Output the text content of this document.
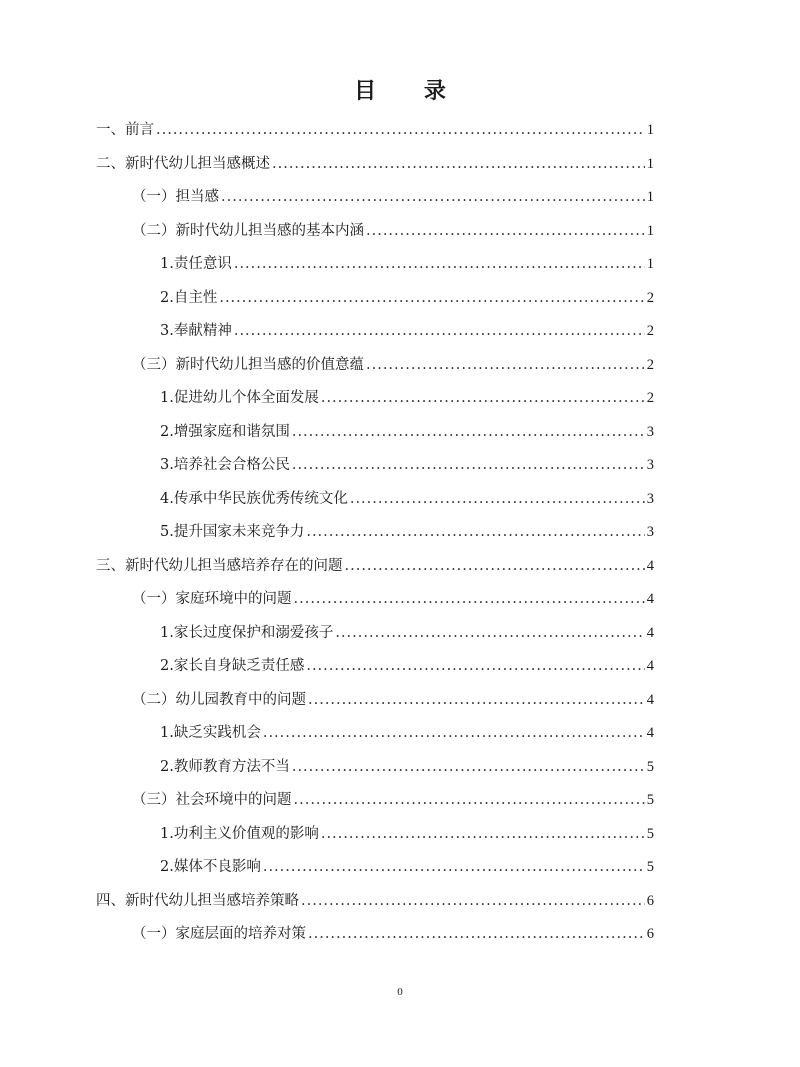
目 录
一、前言 .....	1
二、新时代幼儿担当感概述 .....	1
（一）担当感 .....	1
（二）新时代幼儿担当感的基本内涵 .....	1
1.责任意识 .....	1
2.自主性 .....	2
3.奉献精神 .....	2
（三）新时代幼儿担当感的价值意蕴 .....	2
1.促进幼儿个体全面发展 .....	2
2.增强家庭和谐氛围 .....	3
3.培养社会合格公民 .....	3
4.传承中华民族优秀传统文化 .....	3
5.提升国家未来竞争力 .....	3
三、新时代幼儿担当感培养存在的问题 .....	4
（一）家庭环境中的问题 .....	4
1.家长过度保护和溺爱孩子 .....	4
2.家长自身缺乏责任感 .....	4
（二）幼儿园教育中的问题 .....	4
1.缺乏实践机会 .....	4
2.教师教育方法不当 .....	5
（三）社会环境中的问题 .....	5
1.功利主义价值观的影响 .....	5
2.媒体不良影响 .....	5
四、新时代幼儿担当感培养策略 .....	6
（一）家庭层面的培养对策 .....	6
0
